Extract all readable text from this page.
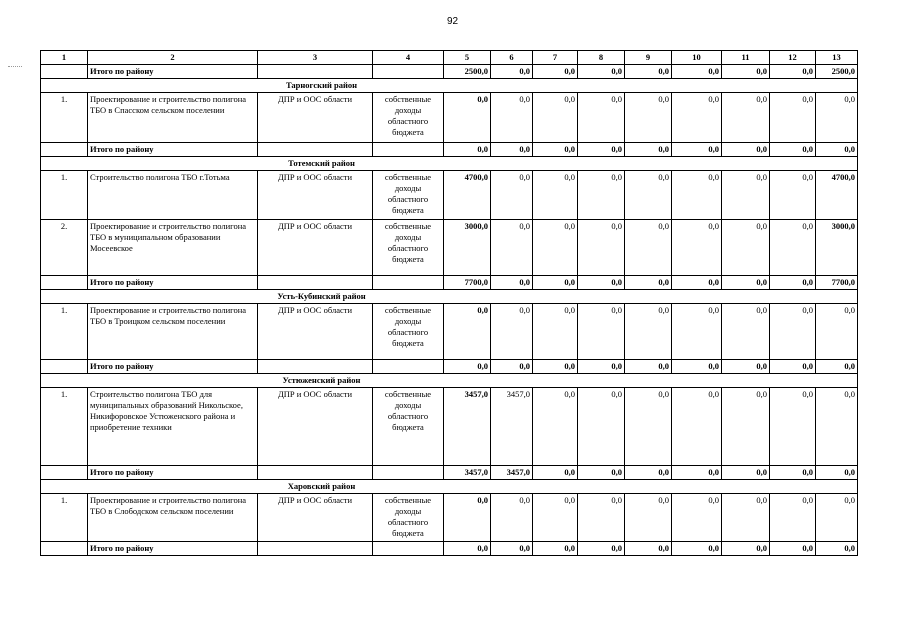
92
1	2	3	4	5	6	7	8	9	10	11	12	13
	Итого по району			2500,0	0,0	0,0	0,0	0,0	0,0	0,0	0,0	2500,0
Тарногский район												
1.	Проектирование и строительство полигона ТБО в Спасском сельском поселении	ДПР и ООС области	собственные доходы областного бюджета	0,0	0,0	0,0	0,0	0,0	0,0	0,0	0,0	0,0
	Итого по району			0,0	0,0	0,0	0,0	0,0	0,0	0,0	0,0	0,0
Тотемский район												
1.	Строительство полигона ТБО г.Тотьма	ДПР и ООС области	собственные доходы областного бюджета	4700,0	0,0	0,0	0,0	0,0	0,0	0,0	0,0	4700,0
2.	Проектирование и строительство полигона ТБО в муниципальном образовании Мосеевское	ДПР и ООС области	собственные доходы областного бюджета	3000,0	0,0	0,0	0,0	0,0	0,0	0,0	0,0	3000,0
	Итого по району			7700,0	0,0	0,0	0,0	0,0	0,0	0,0	0,0	7700,0
Усть-Кубинский район												
1.	Проектирование и строительство полигона ТБО в Троицком сельском поселении	ДПР и ООС области	собственные доходы областного бюджета	0,0	0,0	0,0	0,0	0,0	0,0	0,0	0,0	0,0
	Итого по району			0,0	0,0	0,0	0,0	0,0	0,0	0,0	0,0	0,0
Устюженский район												
1.	Строительство полигона ТБО для муниципальных образований Никольское, Никифоровское Устюженского района и приобретение техники	ДПР и ООС области	собственные доходы областного бюджета	3457,0	3457,0	0,0	0,0	0,0	0,0	0,0	0,0	0,0
	Итого по району			3457,0	3457,0	0,0	0,0	0,0	0,0	0,0	0,0	0,0
Харовский район												
1.	Проектирование и строительство полигона ТБО в Слободском сельском поселении	ДПР и ООС области	собственные доходы областного бюджета	0,0	0,0	0,0	0,0	0,0	0,0	0,0	0,0	0,0
	Итого по району			0,0	0,0	0,0	0,0	0,0	0,0	0,0	0,0	0,0
